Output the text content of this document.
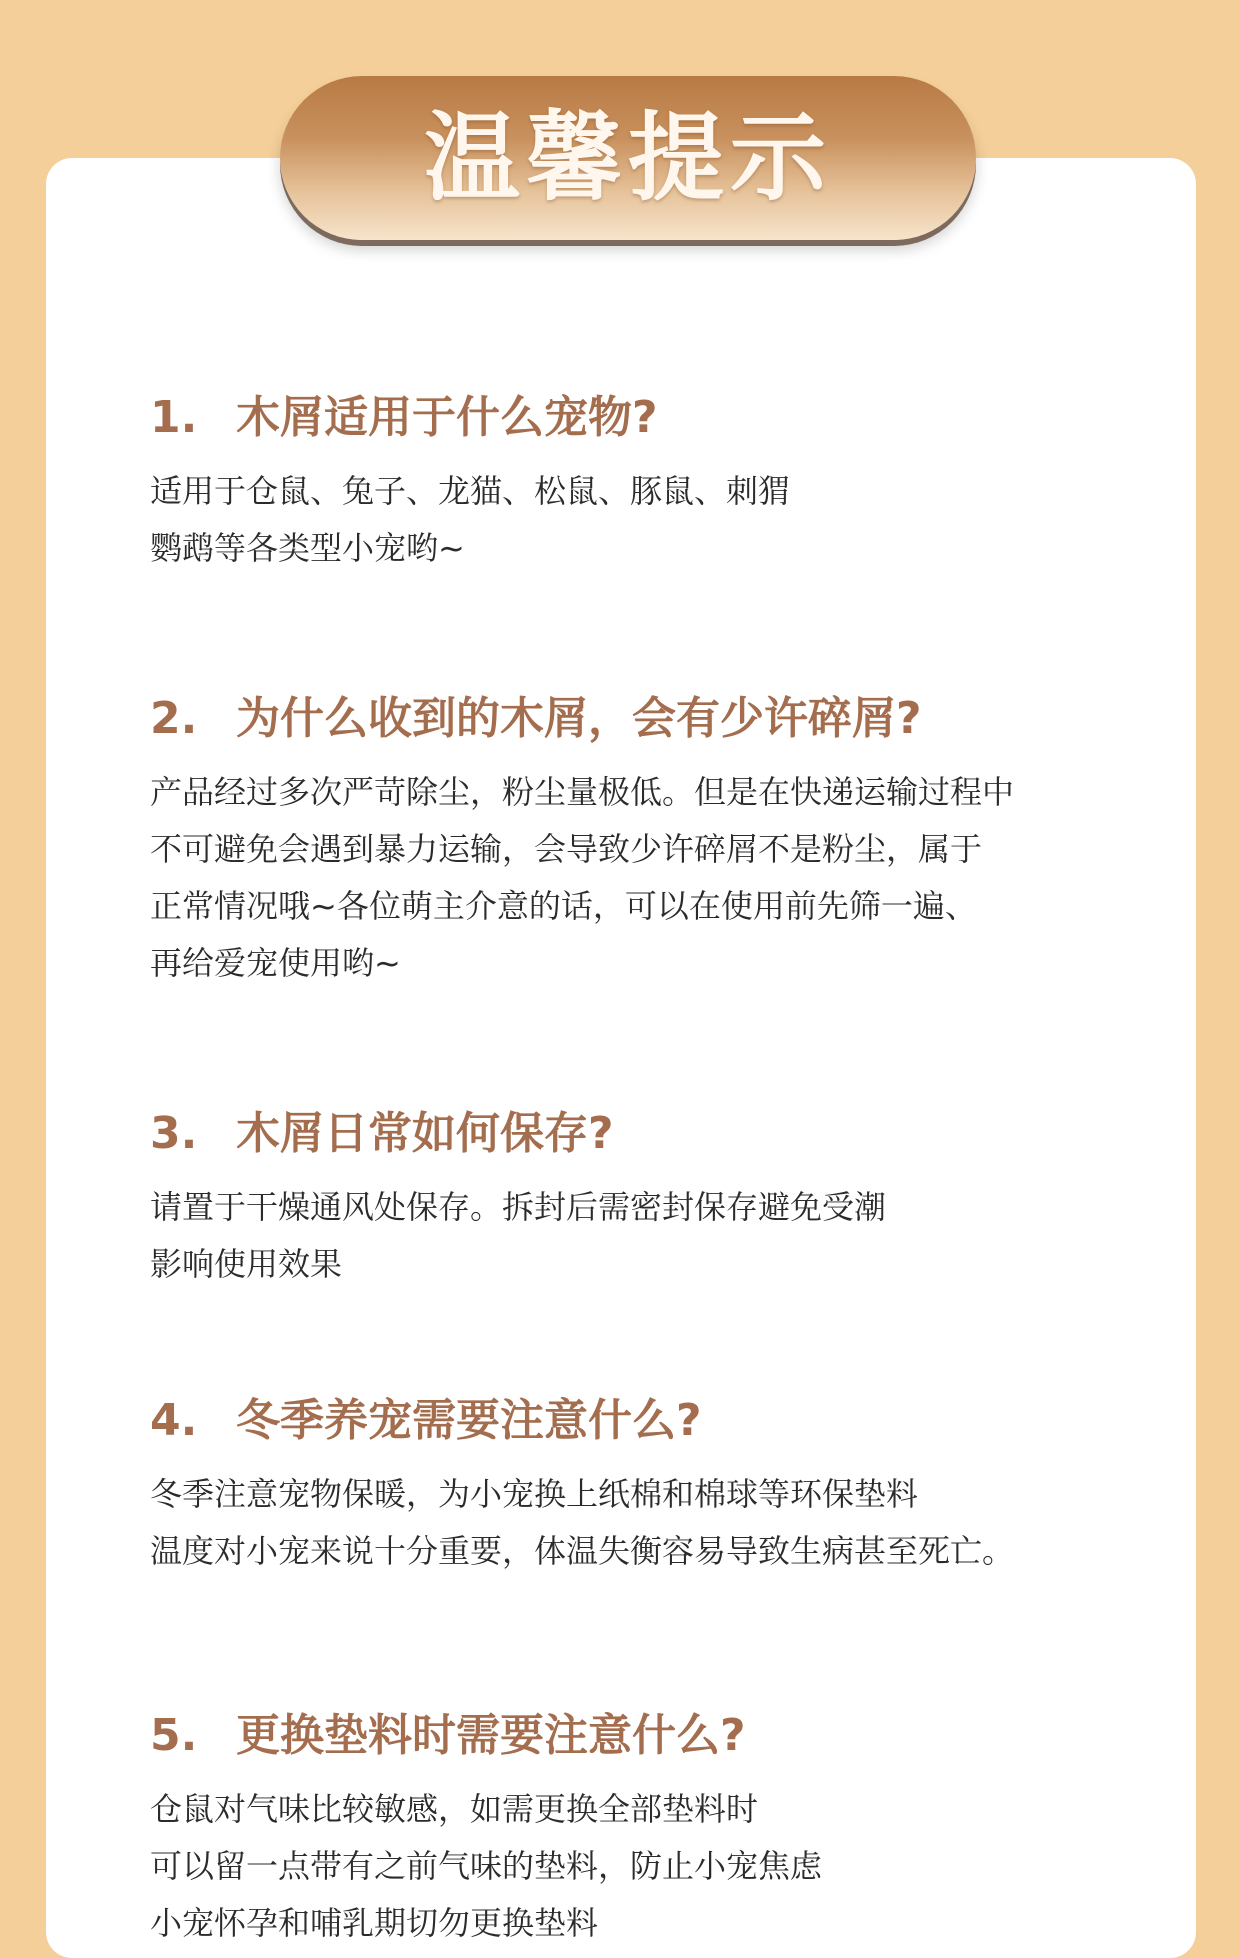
温馨提示
1. 木屑适用于什么宠物?
适用于仓鼠、兔子、龙猫、松鼠、豚鼠、刺猬
鹦鹉等各类型小宠哟~
2. 为什么收到的木屑，会有少许碎屑?
产品经过多次严苛除尘，粉尘量极低。但是在快递运输过程中
不可避免会遇到暴力运输，会导致少许碎屑不是粉尘，属于
正常情况哦~各位萌主介意的话，可以在使用前先筛一遍、
再给爱宠使用哟~
3. 木屑日常如何保存?
请置于干燥通风处保存。拆封后需密封保存避免受潮
影响使用效果
4. 冬季养宠需要注意什么?
冬季注意宠物保暖，为小宠换上纸棉和棉球等环保垫料
温度对小宠来说十分重要，体温失衡容易导致生病甚至死亡。
5. 更换垫料时需要注意什么?
仓鼠对气味比较敏感，如需更换全部垫料时
可以留一点带有之前气味的垫料，防止小宠焦虑
小宠怀孕和哺乳期切勿更换垫料
